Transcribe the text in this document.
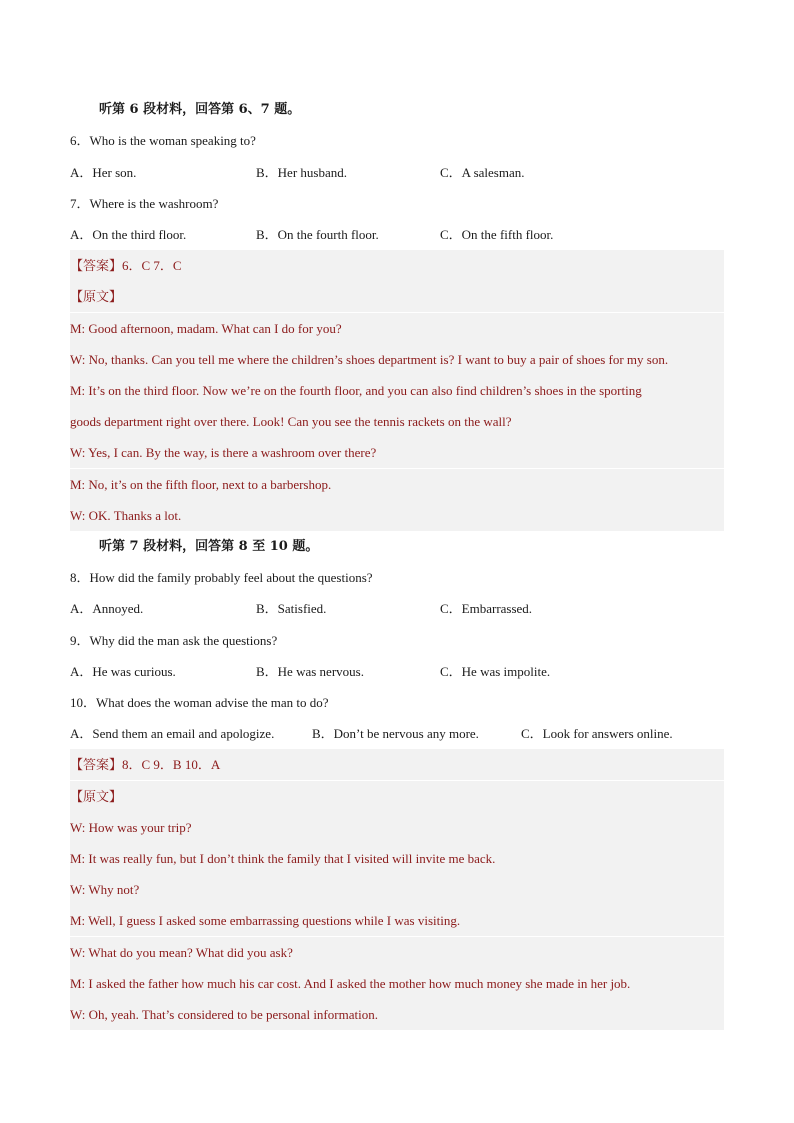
听第 6 段材料，回答第 6、7 题。
6．Who is the woman speaking to?
A．Her son.	B．Her husband.	C．A salesman.
7．Where is the washroom?
A．On the third floor.	B．On the fourth floor.	C．On the fifth floor.
【答案】6．C 7．C
【原文】
M: Good afternoon, madam. What can I do for you?
W: No, thanks. Can you tell me where the children’s shoes department is? I want to buy a pair of shoes for my son.
M: It’s on the third floor. Now we’re on the fourth floor, and you can also find children’s shoes in the sporting
goods department right over there. Look! Can you see the tennis rackets on the wall?
W: Yes, I can. By the way, is there a washroom over there?
M: No, it’s on the fifth floor, next to a barbershop.
W: OK. Thanks a lot.
听第 7 段材料，回答第 8 至 10 题。
8．How did the family probably feel about the questions?
A．Annoyed.	B．Satisfied.	C．Embarrassed.
9．Why did the man ask the questions?
A．He was curious.	B．He was nervous.	C．He was impolite.
10．What does the woman advise the man to do?
A．Send them an email and apologize.	B．Don’t be nervous any more.	C．Look for answers online.
【答案】8．C 9．B 10．A
【原文】
W: How was your trip?
M: It was really fun, but I don’t think the family that I visited will invite me back.
W: Why not?
M: Well, I guess I asked some embarrassing questions while I was visiting.
W: What do you mean? What did you ask?
M: I asked the father how much his car cost. And I asked the mother how much money she made in her job.
W: Oh, yeah. That’s considered to be personal information.
